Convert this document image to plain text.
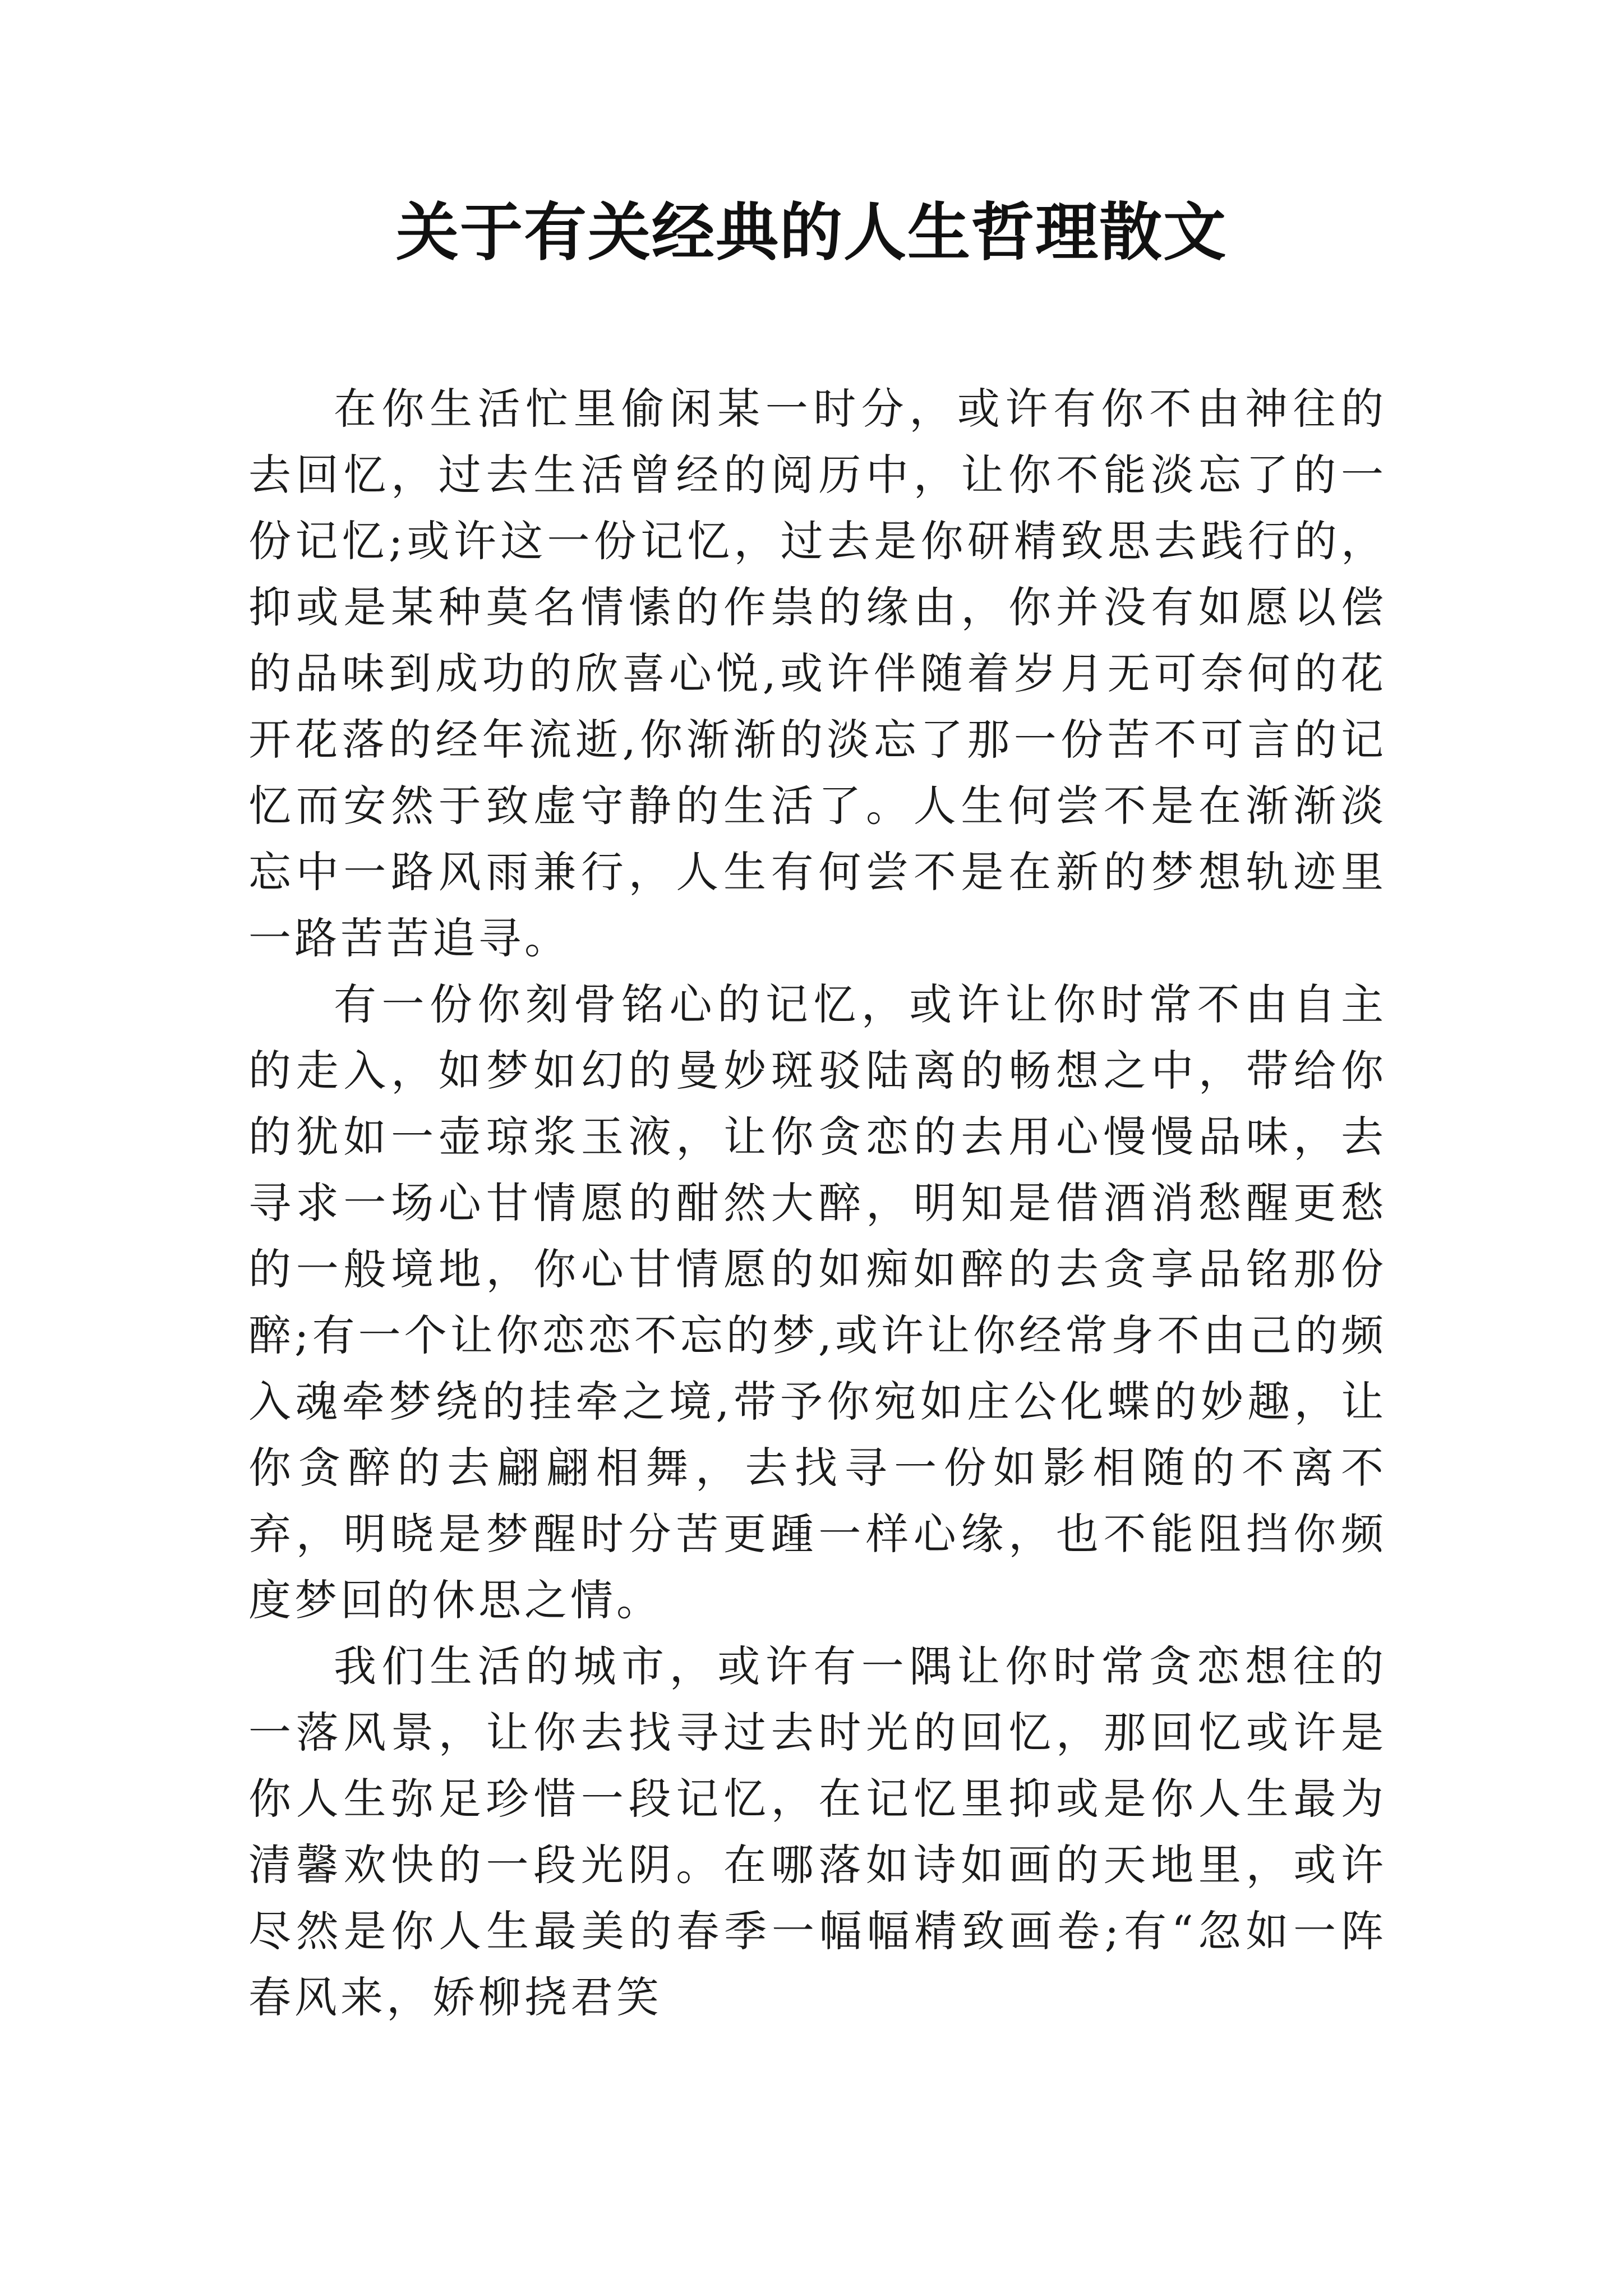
关于有关经典的人生哲理散文

在你生活忙里偷闲某一时分，或许有你不由神往的去回忆，过去生活曾经的阅历中，让你不能淡忘了的一份记忆;或许这一份记忆，过去是你研精致思去践行的，抑或是某种莫名情愫的作祟的缘由，你并没有如愿以偿的品味到成功的欣喜心悦,或许伴随着岁月无可奈何的花开花落的经年流逝,你渐渐的淡忘了那一份苦不可言的记忆而安然于致虚守静的生活了。人生何尝不是在渐渐淡忘中一路风雨兼行，人生有何尝不是在新的梦想轨迹里一路苦苦追寻。

有一份你刻骨铭心的记忆，或许让你时常不由自主的走入，如梦如幻的曼妙斑驳陆离的畅想之中，带给你的犹如一壶琼浆玉液，让你贪恋的去用心慢慢品味，去寻求一场心甘情愿的酣然大醉，明知是借酒消愁醒更愁的一般境地，你心甘情愿的如痴如醉的去贪享品铭那份醉;有一个让你恋恋不忘的梦,或许让你经常身不由己的频入魂牵梦绕的挂牵之境,带予你宛如庄公化蝶的妙趣，让你贪醉的去翩翩相舞，去找寻一份如影相随的不离不弃，明晓是梦醒时分苦更踵一样心缘，也不能阻挡你频度梦回的休思之情。

我们生活的城市，或许有一隅让你时常贪恋想往的一落风景，让你去找寻过去时光的回忆，那回忆或许是你人生弥足珍惜一段记忆，在记忆里抑或是你人生最为清馨欢快的一段光阴。在哪落如诗如画的天地里，或许尽然是你人生最美的春季一幅幅精致画卷;有“忽如一阵春风来，娇柳挠君笑
